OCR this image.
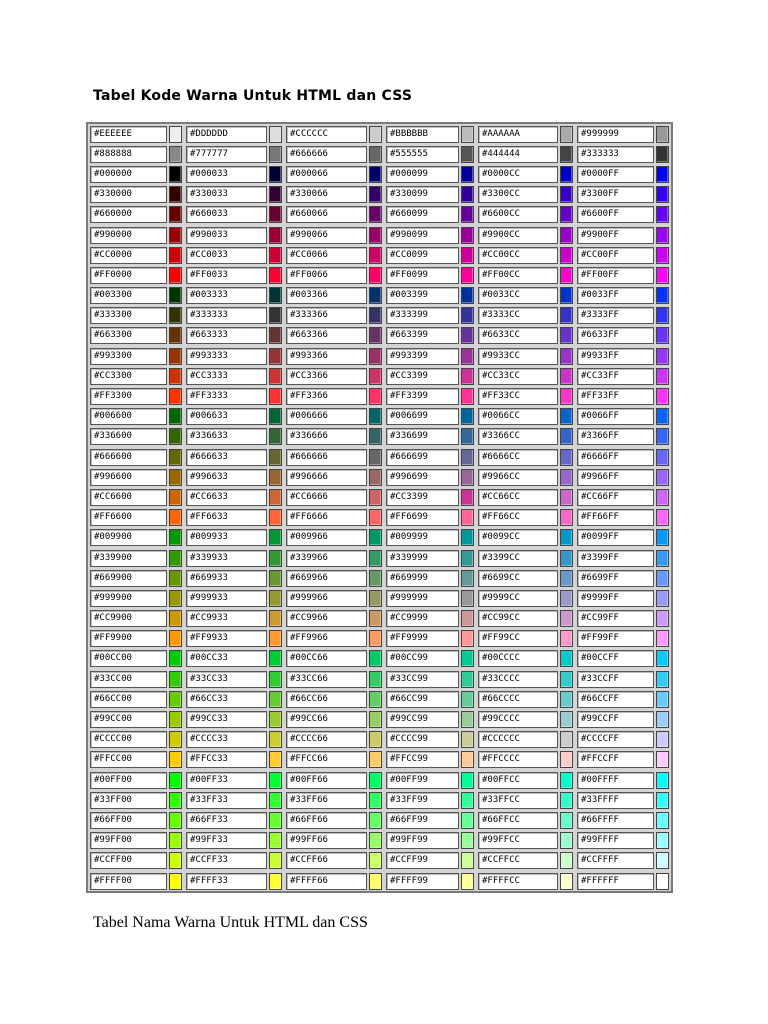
Tabel Kode Warna Untuk HTML dan CSS
#EEEEEE		#DDDDDD		#CCCCCC		#BBBBBB		#AAAAAA		#999999	

#888888		#777777		#666666		#555555		#444444		#333333	

#000000		#000033		#000066		#000099		#0000CC		#0000FF	

#330000		#330033		#330066		#330099		#3300CC		#3300FF	

#660000		#660033		#660066		#660099		#6600CC		#6600FF	

#990000		#990033		#990066		#990099		#9900CC		#9900FF	

#CC0000		#CC0033		#CC0066		#CC0099		#CC00CC		#CC00FF	

#FF0000		#FF0033		#FF0066		#FF0099		#FF00CC		#FF00FF	

#003300		#003333		#003366		#003399		#0033CC		#0033FF	

#333300		#333333		#333366		#333399		#3333CC		#3333FF	

#663300		#663333		#663366		#663399		#6633CC		#6633FF	

#993300		#993333		#993366		#993399		#9933CC		#9933FF	

#CC3300		#CC3333		#CC3366		#CC3399		#CC33CC		#CC33FF	

#FF3300		#FF3333		#FF3366		#FF3399		#FF33CC		#FF33FF	

#006600		#006633		#006666		#006699		#0066CC		#0066FF	

#336600		#336633		#336666		#336699		#3366CC		#3366FF	

#666600		#666633		#666666		#666699		#6666CC		#6666FF	

#996600		#996633		#996666		#996699		#9966CC		#9966FF	

#CC6600		#CC6633		#CC6666		#CC3399		#CC66CC		#CC66FF	

#FF6600		#FF6633		#FF6666		#FF6699		#FF66CC		#FF66FF	

#009900		#009933		#009966		#009999		#0099CC		#0099FF	

#339900		#339933		#339966		#339999		#3399CC		#3399FF	

#669900		#669933		#669966		#669999		#6699CC		#6699FF	

#999900		#999933		#999966		#999999		#9999CC		#9999FF	

#CC9900		#CC9933		#CC9966		#CC9999		#CC99CC		#CC99FF	

#FF9900		#FF9933		#FF9966		#FF9999		#FF99CC		#FF99FF	

#00CC00		#00CC33		#00CC66		#00CC99		#00CCCC		#00CCFF	

#33CC00		#33CC33		#33CC66		#33CC99		#33CCCC		#33CCFF	

#66CC00		#66CC33		#66CC66		#66CC99		#66CCCC		#66CCFF	

#99CC00		#99CC33		#99CC66		#99CC99		#99CCCC		#99CCFF	

#CCCC00		#CCCC33		#CCCC66		#CCCC99		#CCCCCC		#CCCCFF	

#FFCC00		#FFCC33		#FFCC66		#FFCC99		#FFCCCC		#FFCCFF	

#00FF00		#00FF33		#00FF66		#00FF99		#00FFCC		#00FFFF	

#33FF00		#33FF33		#33FF66		#33FF99		#33FFCC		#33FFFF	

#66FF00		#66FF33		#66FF66		#66FF99		#66FFCC		#66FFFF	

#99FF00		#99FF33		#99FF66		#99FF99		#99FFCC		#99FFFF	

#CCFF00		#CCFF33		#CCFF66		#CCFF99		#CCFFCC		#CCFFFF	

#FFFF00		#FFFF33		#FFFF66		#FFFF99		#FFFFCC		#FFFFFF	

Tabel Nama Warna Untuk HTML dan CSS
